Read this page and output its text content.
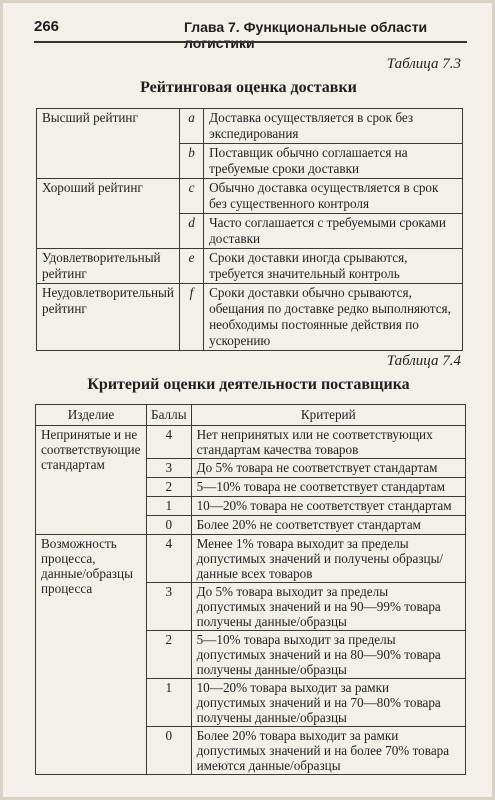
266	Глава 7. Функциональные области логистики
Таблица 7.3
Рейтинговая оценка доставки
Высший рейтинг	a	Доставка осуществляется в срок без экспедирования
	b	Поставщик обычно соглашается на требуемые сроки доставки
Хороший рейтинг	c	Обычно доставка осуществляется в срок без существенного контроля
	d	Часто соглашается с требуемыми сроками доставки
Удовлетворительный рейтинг	e	Сроки доставки иногда срываются, требуется значительный контроль
Неудовлетворительный рейтинг	f	Сроки доставки обычно срываются, обещания по доставке редко выполняются, необходимы постоянные действия по ускорению
Таблица 7.4
Критерий оценки деятельности поставщика
Изделие	Баллы	Критерий
Непринятые и не соответствующие стандартам	4	Нет непринятых или не соответствующих стандартам качества товаров
	3	До 5% товара не соответствует стандартам
	2	5—10% товара не соответствует стандартам
	1	10—20% товара не соответствует стандартам
	0	Более 20% не соответствует стандартам
Возможность процесса, данные/образцы процесса	4	Менее 1% товара выходит за пределы допустимых значений и получены образцы/данные всех товаров
	3	До 5% товара выходит за пределы допустимых значений и на 90—99% товара получены данные/образцы
	2	5—10% товара выходит за пределы допустимых значений и на 80—90% товара получены данные/образцы
	1	10—20% товара выходит за рамки допустимых значений и на 70—80% товара получены данные/образцы
	0	Более 20% товара выходит за рамки допустимых значений и на более 70% товара имеются данные/образцы
